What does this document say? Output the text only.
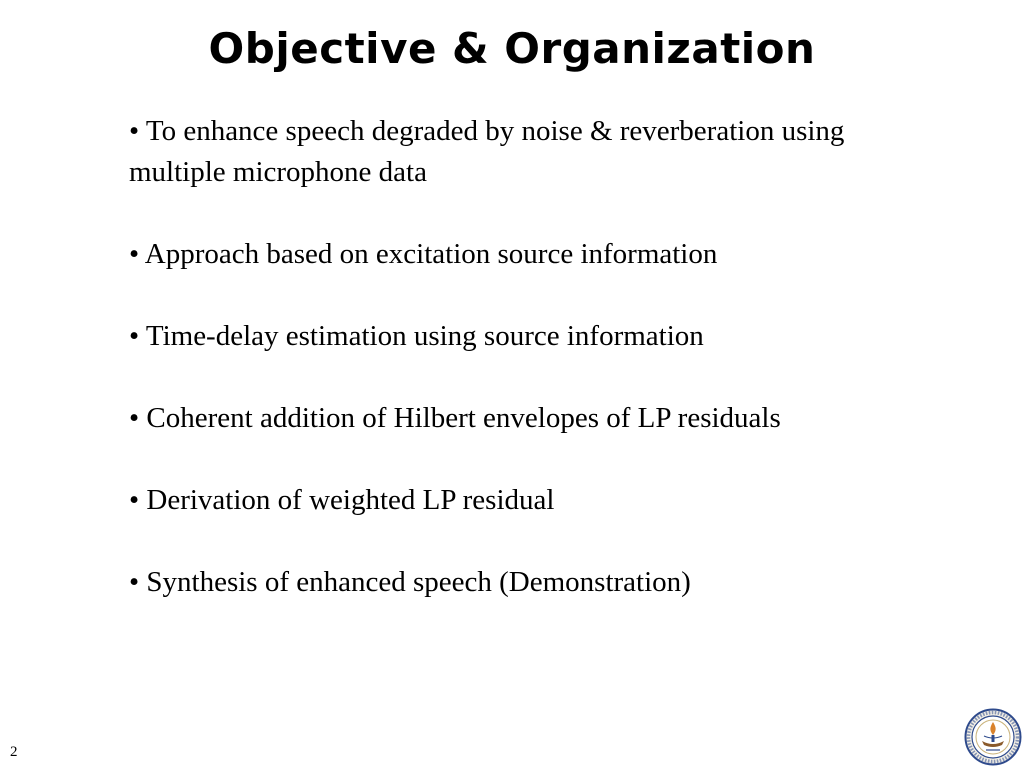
Objective & Organization
• To enhance speech degraded by noise & reverberation using multiple microphone data
• Approach based on excitation source information
• Time-delay estimation using source information
• Coherent addition of Hilbert envelopes of LP residuals
• Derivation of weighted LP residual
• Synthesis of enhanced speech (Demonstration)
2
